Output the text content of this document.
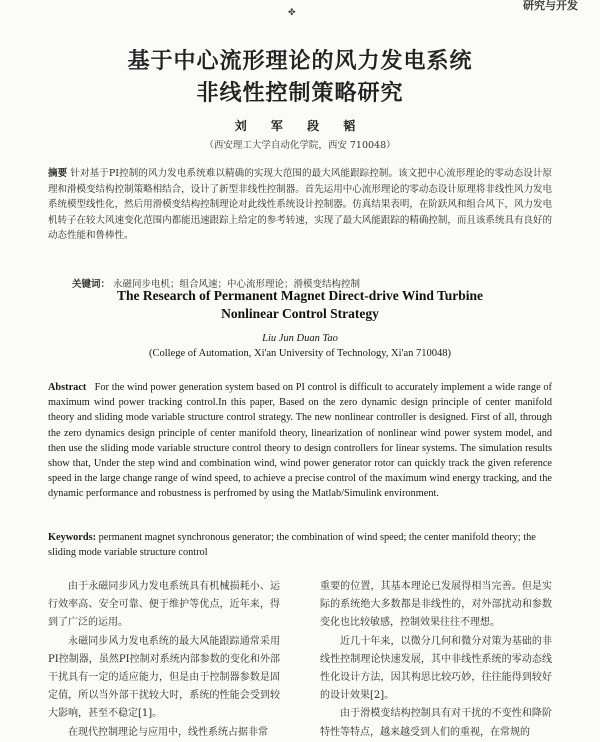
研究与开发
✤
基于中心流形理论的风力发电系统
非线性控制策略研究
刘 军 段 韬
（西安理工大学自动化学院，西安 710048）
摘要 针对基于PI控制的风力发电系统难以精确的实现大范围的最大风能跟踪控制。该文把中心流形理论的零动态设计原理和滑模变结构控制策略相结合，设计了新型非线性控制器。首先运用中心流形理论的零动态设计原理将非线性风力发电系统模型线性化，然后用滑模变结构控制理论对此线性系统设计控制器。仿真结果表明，在阶跃风和组合风下，风力发电机转子在较大风速变化范围内都能迅速跟踪上给定的参考转速，实现了最大风能跟踪的精确控制，而且该系统具有良好的动态性能和鲁棒性。
关键词： 永磁同步电机；组合风速；中心流形理论；滑模变结构控制
The Research of Permanent Magnet Direct-drive Wind Turbine
Nonlinear Control Strategy
Liu Jun Duan Tao
(College of Automation, Xi'an University of Technology, Xi'an 710048)
Abstract For the wind power generation system based on PI control is difficult to accurately implement a wide range of maximum wind power tracking control.In this paper, Based on the zero dynamic design principle of center manifold theory and sliding mode variable structure control strategy. The new nonlinear controller is designed. First of all, through the zero dynamics design principle of center manifold theory, linearization of nonlinear wind power system model, and then use the sliding mode variable structure control theory to design controllers for linear systems. The simulation results show that, Under the step wind and combination wind, wind power generator rotor can quickly track the given reference speed in the large change range of wind speed, to achieve a precise control of the maximum wind energy tracking, and the dynamic performance and robustness is perfromed by using the Matlab/Simulink environment.
Keywords: permanent magnet synchronous generator; the combination of wind speed; the center manifold theory; the sliding mode variable structure control

由于永磁同步风力发电系统具有机械损耗小、运行效率高、安全可靠、便于维护等优点，近年来，得到了广泛的运用。

永磁同步风力发电系统的最大风能跟踪通常采用PI控制器，虽然PI控制对系统内部参数的变化和外部干扰具有一定的适应能力，但是由于控制器参数是固定值，所以当外部干扰较大时，系统的性能会受到较大影响，甚至不稳定[1]。

在现代控制理论与应用中，线性系统占据非常

重要的位置，其基本理论已发展得相当完善。但是实际的系统绝大多数都是非线性的，对外部扰动和参数变化也比较敏感，控制效果往往不理想。

近几十年来，以微分几何和微分对策为基础的非线性控制理论快速发展，其中非线性系统的零动态线性化设计方法，因其构思比较巧妙，往往能得到较好的设计效果[2]。

由于滑模变结构控制具有对干扰的不变性和降阶特性等特点，越来越受到人们的重视，在常规的
